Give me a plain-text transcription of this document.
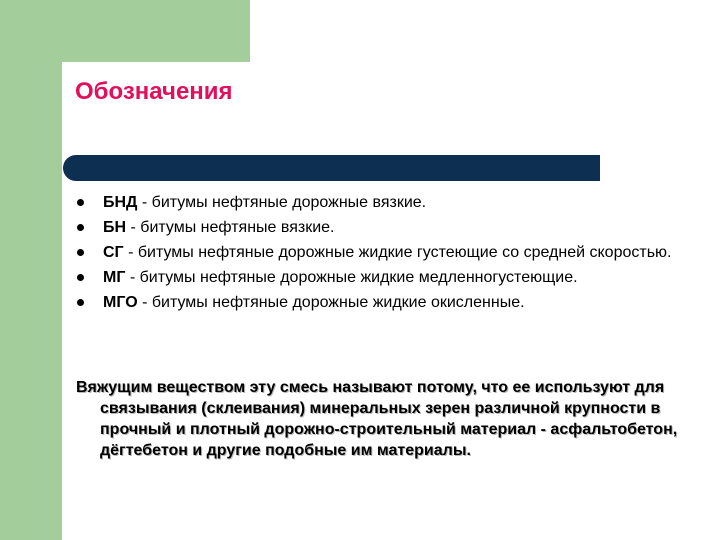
Обозначения
БНД - битумы нефтяные дорожные вязкие.
БН - битумы нефтяные вязкие.
СГ - битумы нефтяные дорожные жидкие густеющие со средней скоростью.
МГ - битумы нефтяные дорожные жидкие медленногустеющие.
МГО - битумы нефтяные дорожные жидкие окисленные.

Вяжущим веществом эту смесь называют потому, что ее используют для связывания (склеивания) минеральных зерен различной крупности в прочный и плотный дорожно-строительный материал - асфальтобетон, дёгтебетон и другие подобные им материалы.
